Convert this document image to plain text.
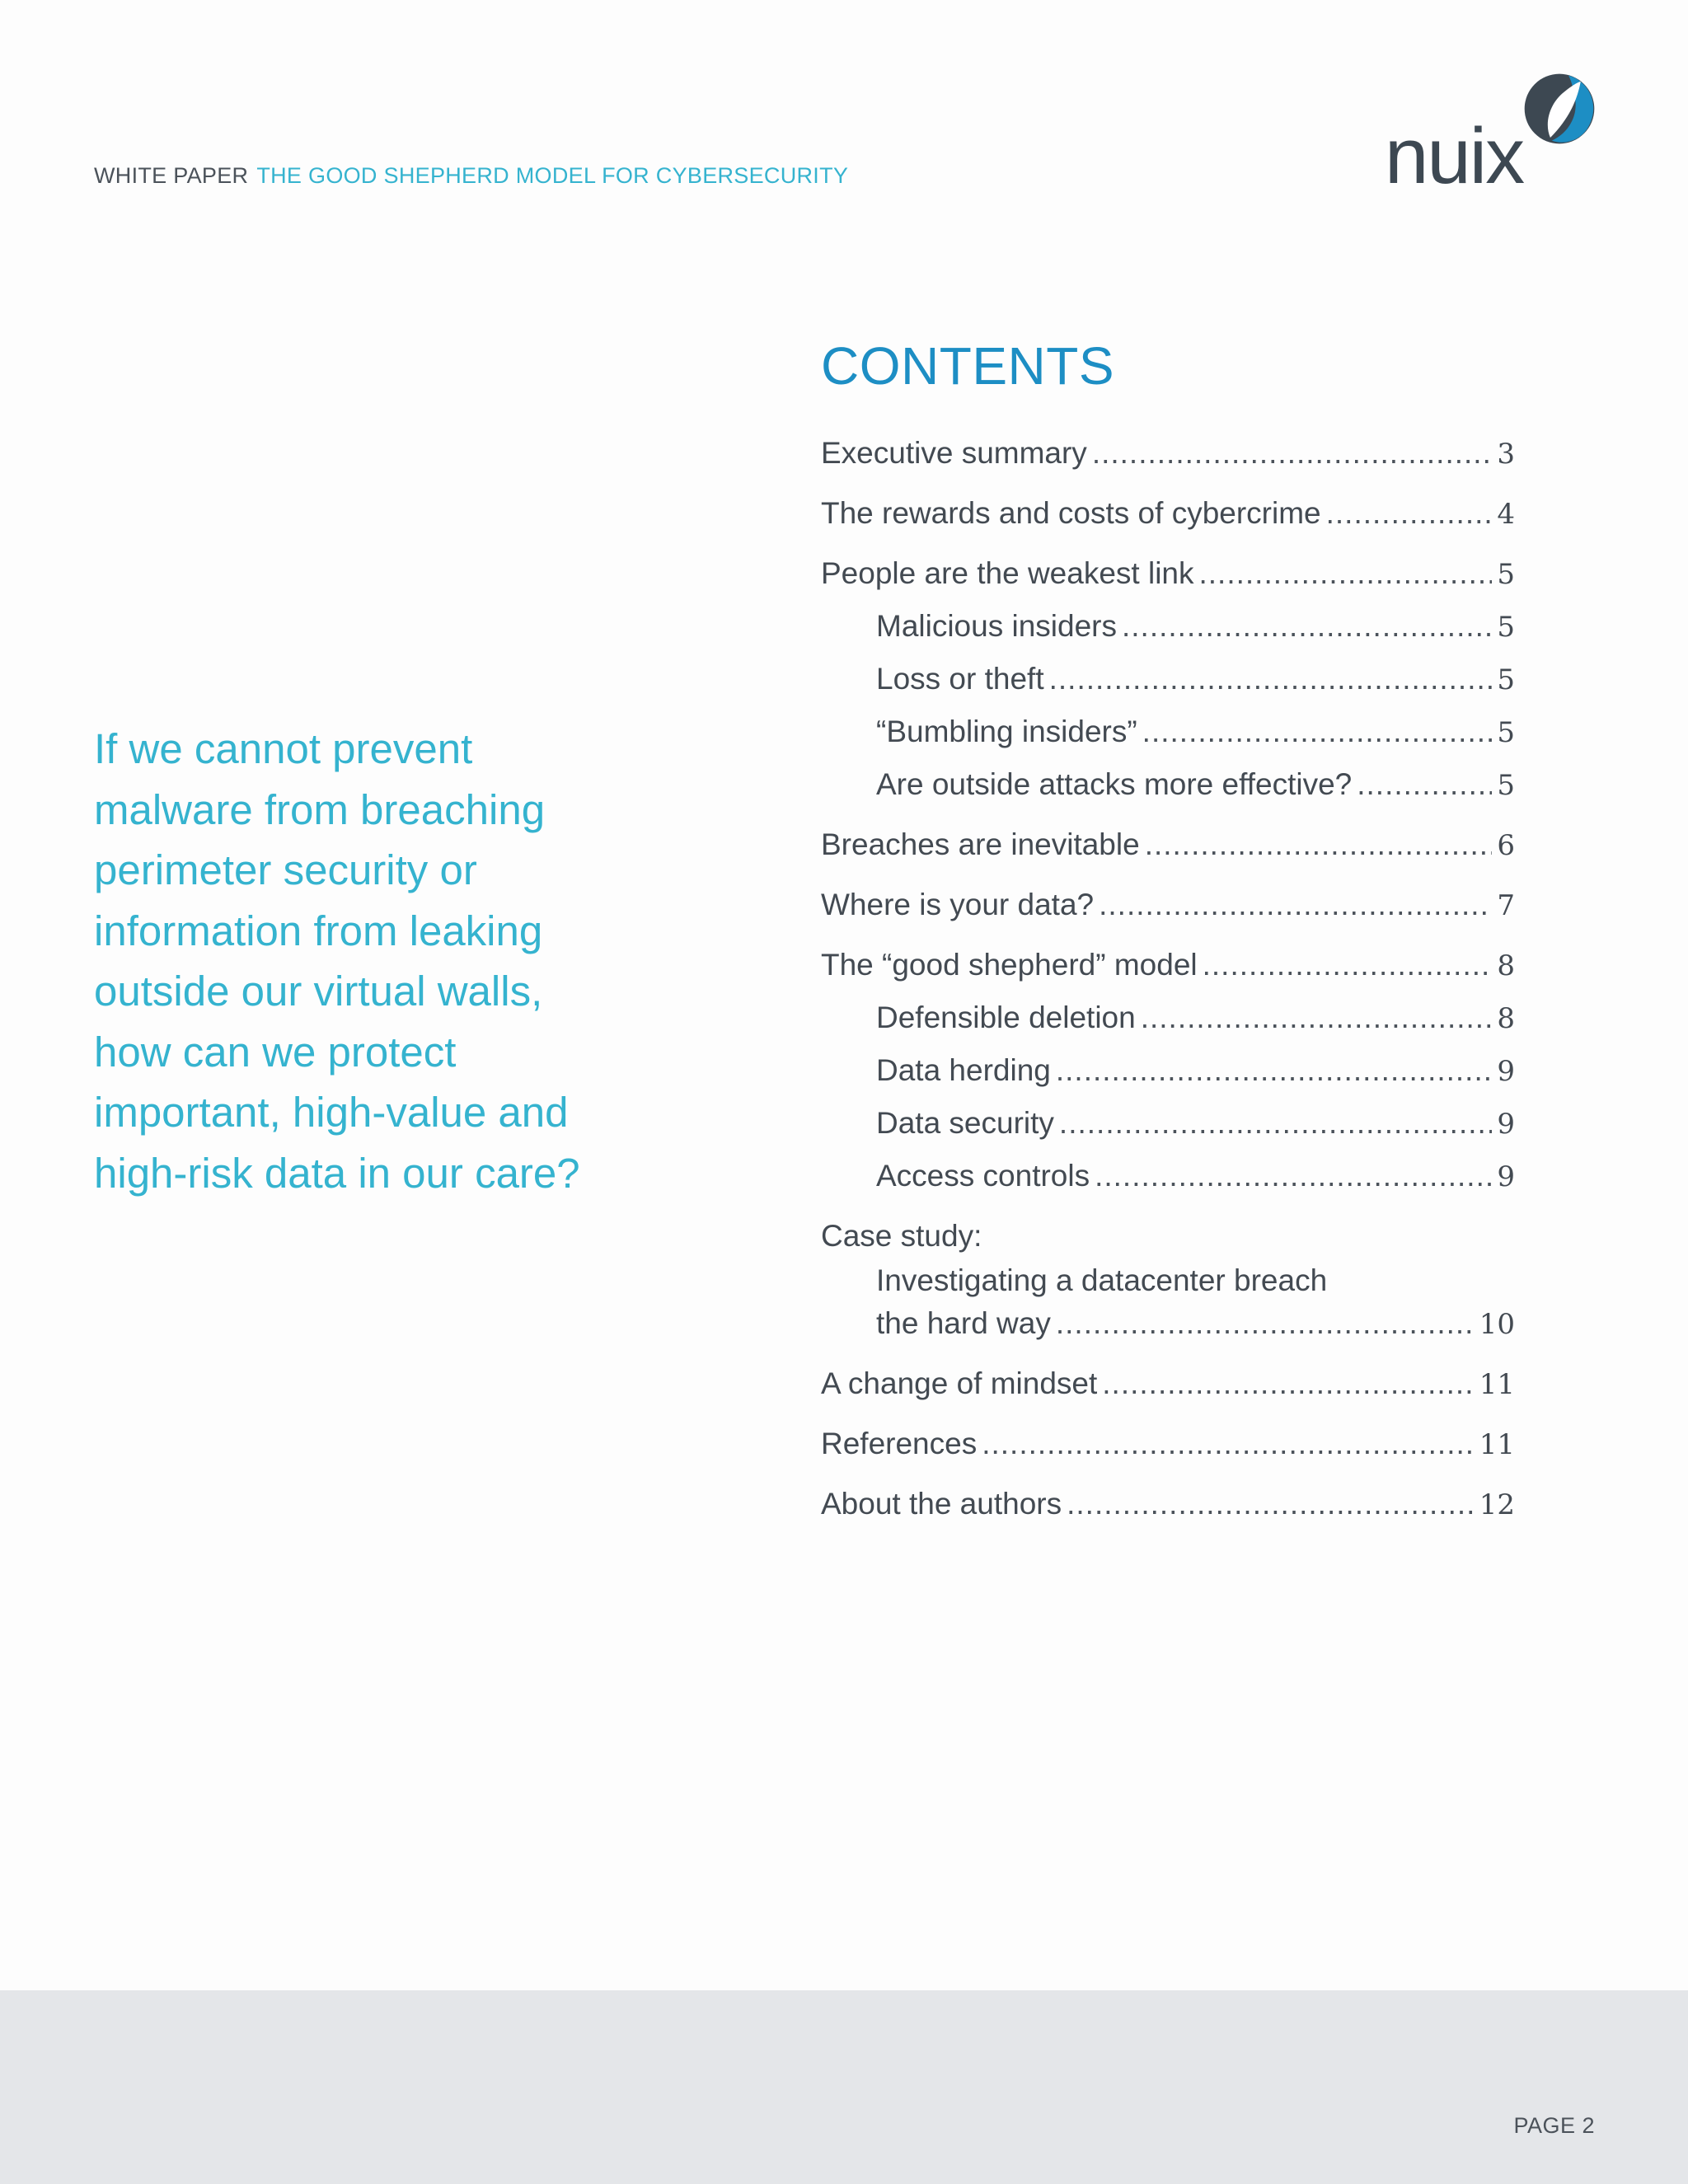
WHITE PAPER THE GOOD SHEPHERD MODEL FOR CYBERSECURITY	nuix
If we cannot prevent malware from breaching perimeter security or information from leaking outside our virtual walls, how can we protect important, high-value and high-risk data in our care?
CONTENTS
Executive summary .....	3
The rewards and costs of cybercrime .....	4
People are the weakest link .....	5
Malicious insiders .....	5
Loss or theft .....	5
“Bumbling insiders” .....	5
Are outside attacks more effective? .....	5
Breaches are inevitable .....	6
Where is your data? .....	7
The “good shepherd” model .....	8
Defensible deletion .....	8
Data herding .....	9
Data security .....	9
Access controls .....	9
Case study:
Investigating a datacenter breach
the hard way .....	10
A change of mindset .....	11
References .....	11
About the authors .....	12
PAGE 2
